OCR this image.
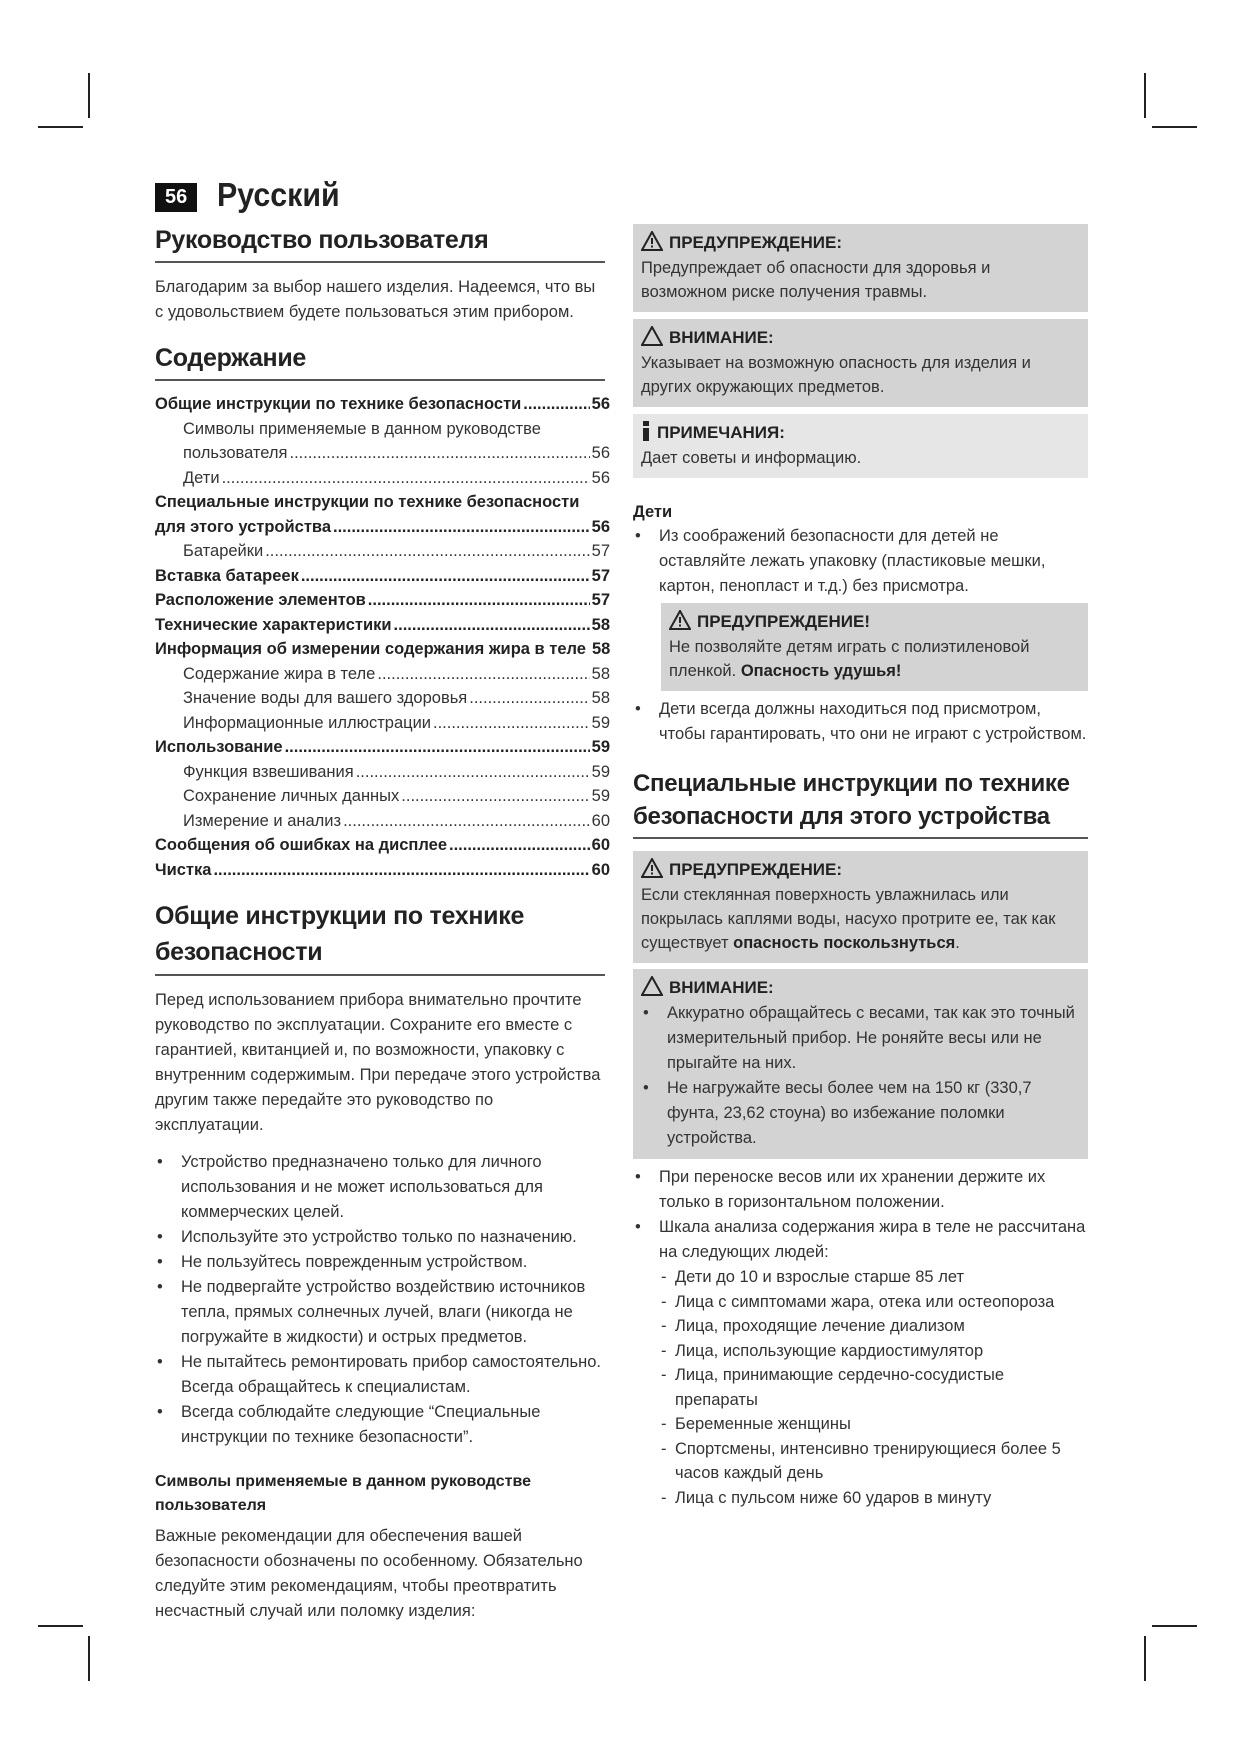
56 Русский
Руководство пользователя

Благодарим за выбор нашего изделия. Надеемся, что вы с удовольствием будете пользоваться этим прибором.

Содержание
Общие инструкции по технике безопасности .....	56
Символы применяемые в данном руководстве
пользователя .....	56
Дети .....	56
Специальные инструкции по технике безопасности
для этого устройства .....	56
Батарейки .....	57
Вставка батареек .....	57
Расположение элементов .....	57
Технические характеристики .....	58
Информация об измерении содержания жира в теле 58
Содержание жира в теле .....	58
Значение воды для вашего здоровья .....	58
Информационные иллюстрации .....	59
Использование .....	59
Функция взвешивания .....	59
Сохранение личных данных .....	59
Измерение и анализ .....	60
Сообщения об ошибках на дисплее .....	60
Чистка .....	60
Общие инструкции по технике безопасности

Перед использованием прибора внимательно прочтите руководство по эксплуатации. Сохраните его вместе с гарантией, квитанцией и, по возможности, упаковку с внутренним содержимым. При передаче этого устройства другим также передайте это руководство по эксплуатации.

• Устройство предназначено только для личного использования и не может использоваться для коммерческих целей.
• Используйте это устройство только по назначению.
• Не пользуйтесь поврежденным устройством.
• Не подвергайте устройство воздействию источников тепла, прямых солнечных лучей, влаги (никогда не погружайте в жидкости) и острых предметов.
• Не пытайтесь ремонтировать прибор самостоятельно. Всегда обращайтесь к специалистам.
• Всегда соблюдайте следующие “Специальные инструкции по технике безопасности”.
Символы применяемые в данном руководстве пользователя

Важные рекомендации для обеспечения вашей безопасности обозначены по особенному. Обязательно следуйте этим рекомендациям, чтобы преотвратить несчастный случай или поломку изделия:

ПРЕДУПРЕЖДЕНИЕ:

Предупреждает об опасности для здоровья и возможном риске получения травмы.

ВНИМАНИЕ:

Указывает на возможную опасность для изделия и других окружающих предметов.

ПРИМЕЧАНИЯ:

Дает советы и информацию.

Дети
• Из соображений безопасности для детей не оставляйте лежать упаковку (пластиковые мешки, картон, пенопласт и т.д.) без присмотра.
ПРЕДУПРЕЖДЕНИЕ!

Не позволяйте детям играть с полиэтиленовой пленкой. Опасность удушья!

• Дети всегда должны находиться под присмотром, чтобы гарантировать, что они не играют с устройством.
Специальные инструкции по технике безопасности для этого устройства
ПРЕДУПРЕЖДЕНИЕ:

Если стеклянная поверхность увлажнилась или покрылась каплями воды, насухо протрите ее, так как существует опасность поскользнуться.

ВНИМАНИЕ:
• Аккуратно обращайтесь с весами, так как это точный измерительный прибор. Не роняйте весы или не прыгайте на них.
• Не нагружайте весы более чем на 150 кг (330,7 фунта, 23,62 стоуна) во избежание поломки устройства.
• При переноске весов или их хранении держите их только в горизонтальном положении.
• Шкала анализа содержания жира в теле не рассчитана на следующих людей:
- Дети до 10 и взрослые старше 85 лет
- Лица с симптомами жара, отека или остеопороза
- Лица, проходящие лечение диализом
- Лица, использующие кардиостимулятор
- Лица, принимающие сердечно-сосудистые препараты
- Беременные женщины
- Спортсмены, интенсивно тренирующиеся более 5 часов каждый день
- Лица с пульсом ниже 60 ударов в минуту
